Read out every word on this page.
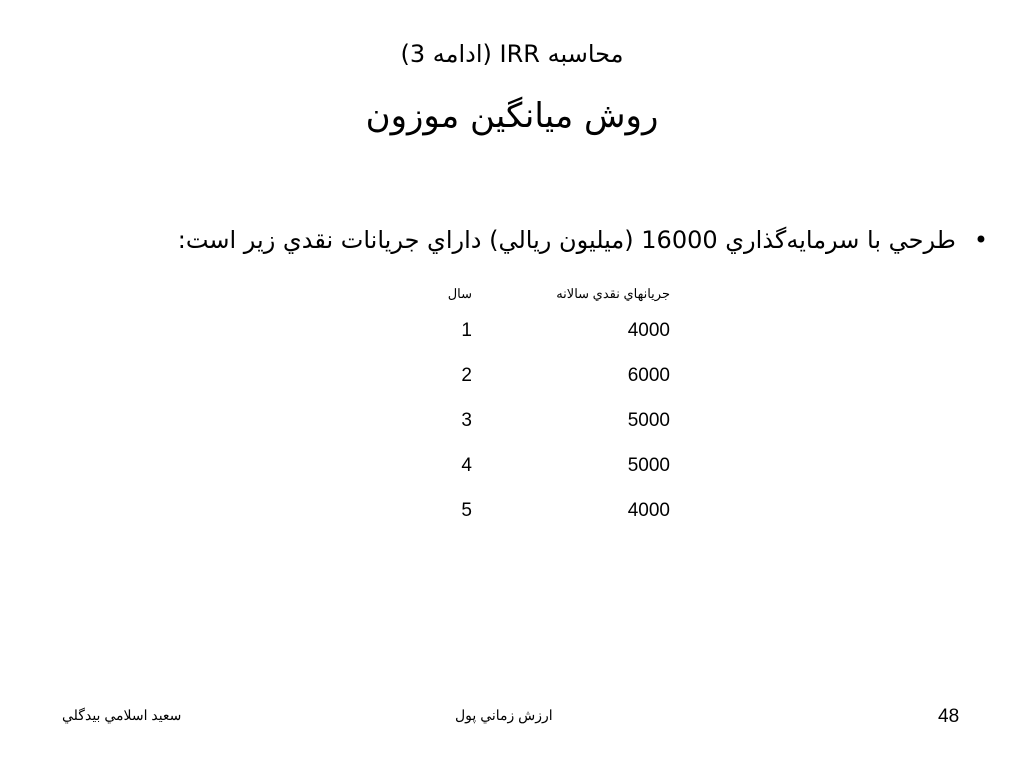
محاسبه IRR (ادامه 3)
روش ميانگين موزون
•
طرحي با سرمايه‌گذاري 16000 (ميليون ريالي) داراي جريانات نقدي زير است:
سال	جريانهاي نقدي سالانه
1	4000
2	6000
3	5000
4	5000
5	4000
سعيد اسلامي بيدگلي	ارزش زماني پول	48
